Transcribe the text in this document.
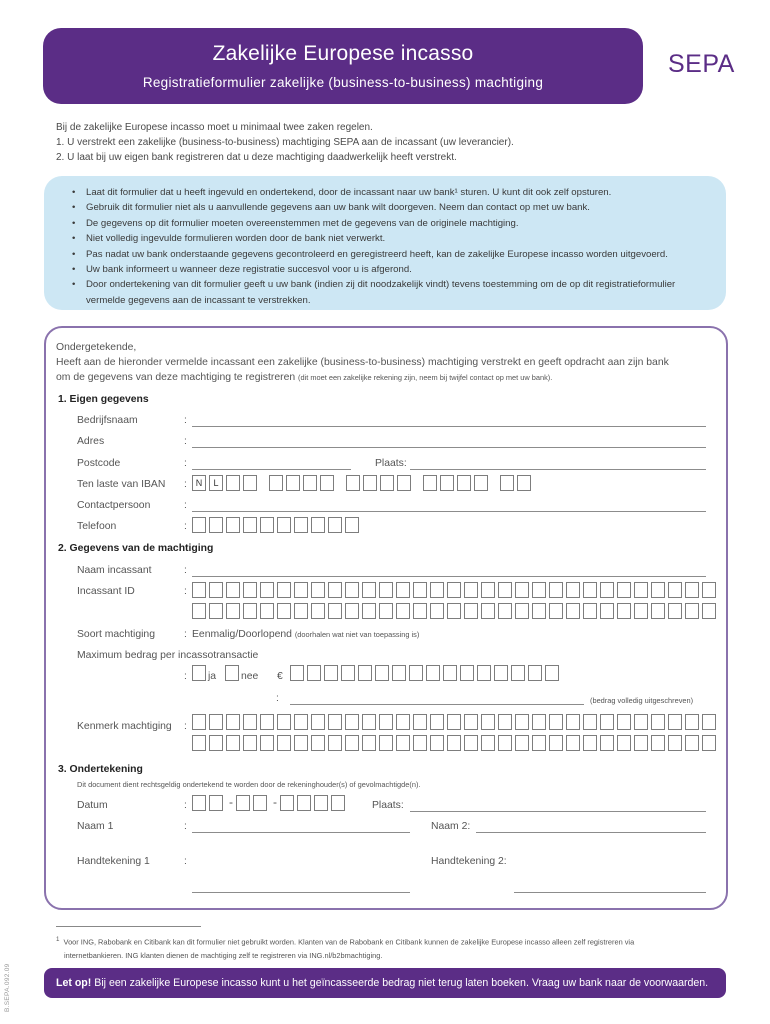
Zakelijke Europese incasso
Registratieformulier zakelijke (business-to-business) machtiging
SEPA
Bij de zakelijke Europese incasso moet u minimaal twee zaken regelen.
1. U verstrekt een zakelijke (business-to-business) machtiging SEPA aan de incassant (uw leverancier).
2. U laat bij uw eigen bank registreren dat u deze machtiging daadwerkelijk heeft verstrekt.
• Laat dit formulier dat u heeft ingevuld en ondertekend, door de incassant naar uw bank¹ sturen. U kunt dit ook zelf opsturen.
• Gebruik dit formulier niet als u aanvullende gegevens aan uw bank wilt doorgeven. Neem dan contact op met uw bank.
• De gegevens op dit formulier moeten overeenstemmen met de gegevens van de originele machtiging.
• Niet volledig ingevulde formulieren worden door de bank niet verwerkt.
• Pas nadat uw bank onderstaande gegevens gecontroleerd en geregistreerd heeft, kan de zakelijke Europese incasso worden uitgevoerd.
• Uw bank informeert u wanneer deze registratie succesvol voor u is afgerond.
• Door ondertekening van dit formulier geeft u uw bank (indien zij dit noodzakelijk vindt) tevens toestemming om de op dit registratieformulier vermelde gegevens aan de incassant te verstrekken.
Ondergetekende,
Heeft aan de hieronder vermelde incassant een zakelijke (business-to-business) machtiging verstrekt en geeft opdracht aan zijn bank
om de gegevens van deze machtiging te registreren (dit moet een zakelijke rekening zijn, neem bij twijfel contact op met uw bank).
1. Eigen gegevens
Bedrijfsnaam	:
Adres	:
Postcode	:	Plaats:
Ten laste van IBAN : N	L
Contactpersoon	:
Telefoon	:
2. Gegevens van de machtiging
Naam incassant	:
Incassant ID	:
Soort machtiging	: Eenmalig/Doorlopend (doorhalen wat niet van toepassing is)
Maximum bedrag per incassotransactie
: ja nee €
:	(bedrag volledig uitgeschreven)
Kenmerk machtiging :
3. Ondertekening
Dit document dient rechtsgeldig ondertekend te worden door de rekeninghouder(s) of gevolmachtigde(n).
Datum	:	-	-	Plaats:
Naam 1	:	Naam 2:
Handtekening 1	:	Handtekening 2:
$^1$ Voor ING, Rabobank en Citibank kan dit formulier niet gebruikt worden. Klanten van de Rabobank en Citibank kunnen de zakelijke Europese incasso alleen zelf registreren via
internetbankieren. ING klanten dienen de machtiging zelf te registreren via ING.nl/b2bmachtiging.
Let op! Bij een zakelijke Europese incasso kunt u het geïncasseerde bedrag niet terug laten boeken. Vraag uw bank naar de voorwaarden.
B.SEPA.092.09
